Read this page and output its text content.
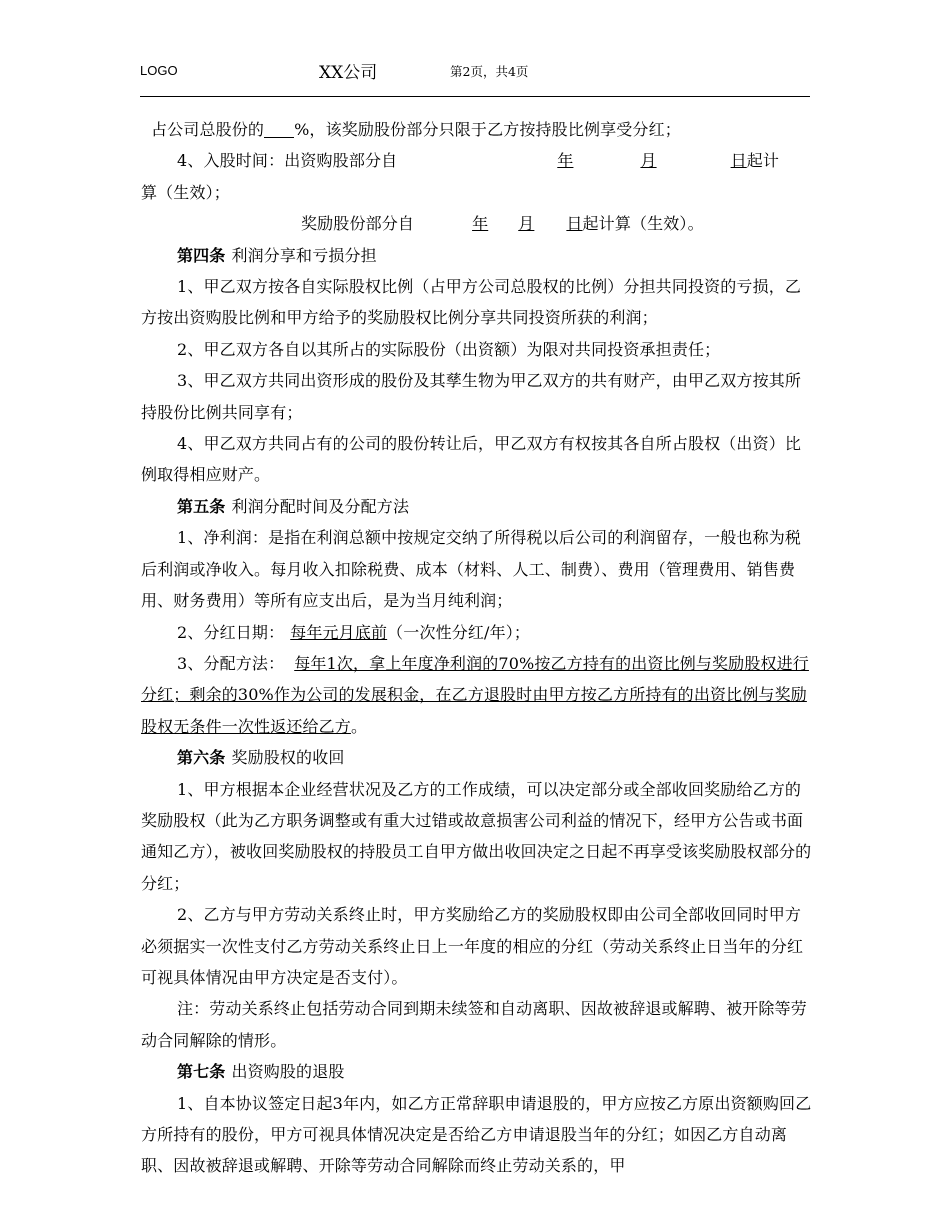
LOGO	XX公司	第2页，共4页

占公司总股份的 %，该奖励股份部分只限于乙方按持股比例享受分红；

4、入股时间：出资购股部分自	年	月	日起计

算（生效）；

奖励股份部分自	年 月 日起计算（生效）。

第四条 利润分享和亏损分担

1、甲乙双方按各自实际股权比例（占甲方公司总股权的比例）分担共同投资的亏损，乙方按出资购股比例和甲方给予的奖励股权比例分享共同投资所获的利润；

2、甲乙双方各自以其所占的实际股份（出资额）为限对共同投资承担责任；

3、甲乙双方共同出资形成的股份及其孳生物为甲乙双方的共有财产，由甲乙双方按其所持股份比例共同享有；

4、甲乙双方共同占有的公司的股份转让后，甲乙双方有权按其各自所占股权（出资）比例取得相应财产。

第五条 利润分配时间及分配方法

1、净利润：是指在利润总额中按规定交纳了所得税以后公司的利润留存，一般也称为税后利润或净收入。每月收入扣除税费、成本（材料、人工、制费）、费用（管理费用、销售费用、财务费用）等所有应支出后，是为当月纯利润；

2、分红日期： 每年元月底前（一次性分红/年）；

3、分配方法： 每年1次，拿上年度净利润的70%按乙方持有的出资比例与奖励股权进行分红；剩余的30%作为公司的发展积金，在乙方退股时由甲方按乙方所持有的出资比例与奖励股权无条件一次性返还给乙方。

第六条 奖励股权的收回

1、甲方根据本企业经营状况及乙方的工作成绩，可以决定部分或全部收回奖励给乙方的奖励股权（此为乙方职务调整或有重大过错或故意损害公司利益的情况下，经甲方公告或书面通知乙方），被收回奖励股权的持股员工自甲方做出收回决定之日起不再享受该奖励股权部分的分红；

2、乙方与甲方劳动关系终止时，甲方奖励给乙方的奖励股权即由公司全部收回同时甲方必须据实一次性支付乙方劳动关系终止日上一年度的相应的分红（劳动关系终止日当年的分红可视具体情况由甲方决定是否支付）。

注：劳动关系终止包括劳动合同到期未续签和自动离职、因故被辞退或解聘、被开除等劳动合同解除的情形。

第七条 出资购股的退股

1、自本协议签定日起3年内，如乙方正常辞职申请退股的，甲方应按乙方原出资额购回乙方所持有的股份，甲方可视具体情况决定是否给乙方申请退股当年的分红；如因乙方自动离职、因故被辞退或解聘、开除等劳动合同解除而终止劳动关系的，甲
